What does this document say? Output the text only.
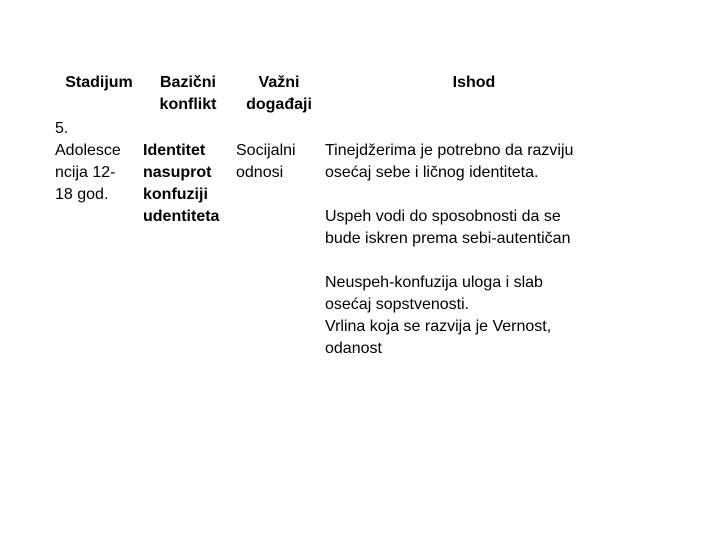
Stadijum	Bazični
konflikt
Važni
događaji
Ishod
5.
Adolesce
ncija 12-
18 god.
Identitet
nasuprot
konfuziji
udentiteta
Socijalni
odnosi
Tinejdžerima je potrebno da razviju
osećaj sebe i ličnog identiteta.

Uspeh vodi do sposobnosti da se
bude iskren prema sebi-autentičan

Neuspeh-konfuzija uloga i slab
osećaj sopstvenosti.
Vrlina koja se razvija je Vernost,
odanost
